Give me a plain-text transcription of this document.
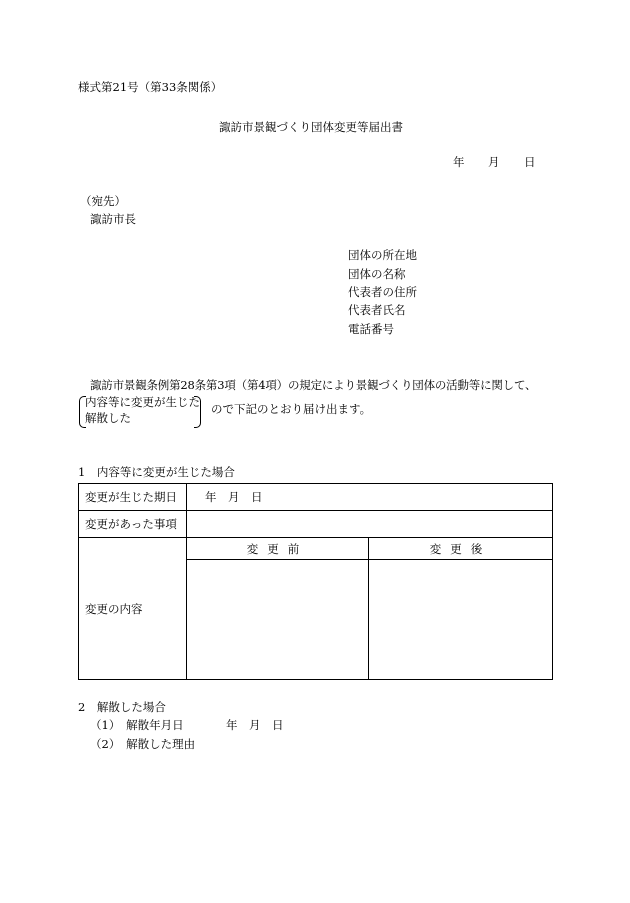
様式第21号（第33条関係）
諏訪市景観づくり団体変更等届出書
年 月 日
（宛先）
諏訪市長
団体の所在地
団体の名称
代表者の住所
代表者氏名
電話番号
諏訪市景観条例第28条第3項（第4項）の規定により景観づくり団体の活動等に関して、
内容等に変更が生じた
解散した
ので下記のとおり届け出ます。
1　内容等に変更が生じた場合
変更が生じた期日	年　月　日	
変更があった事項		
変更の内容	変更前	変更後

2　解散した場合
（1）　解散年月日	年　月　日
（2）　解散した理由
